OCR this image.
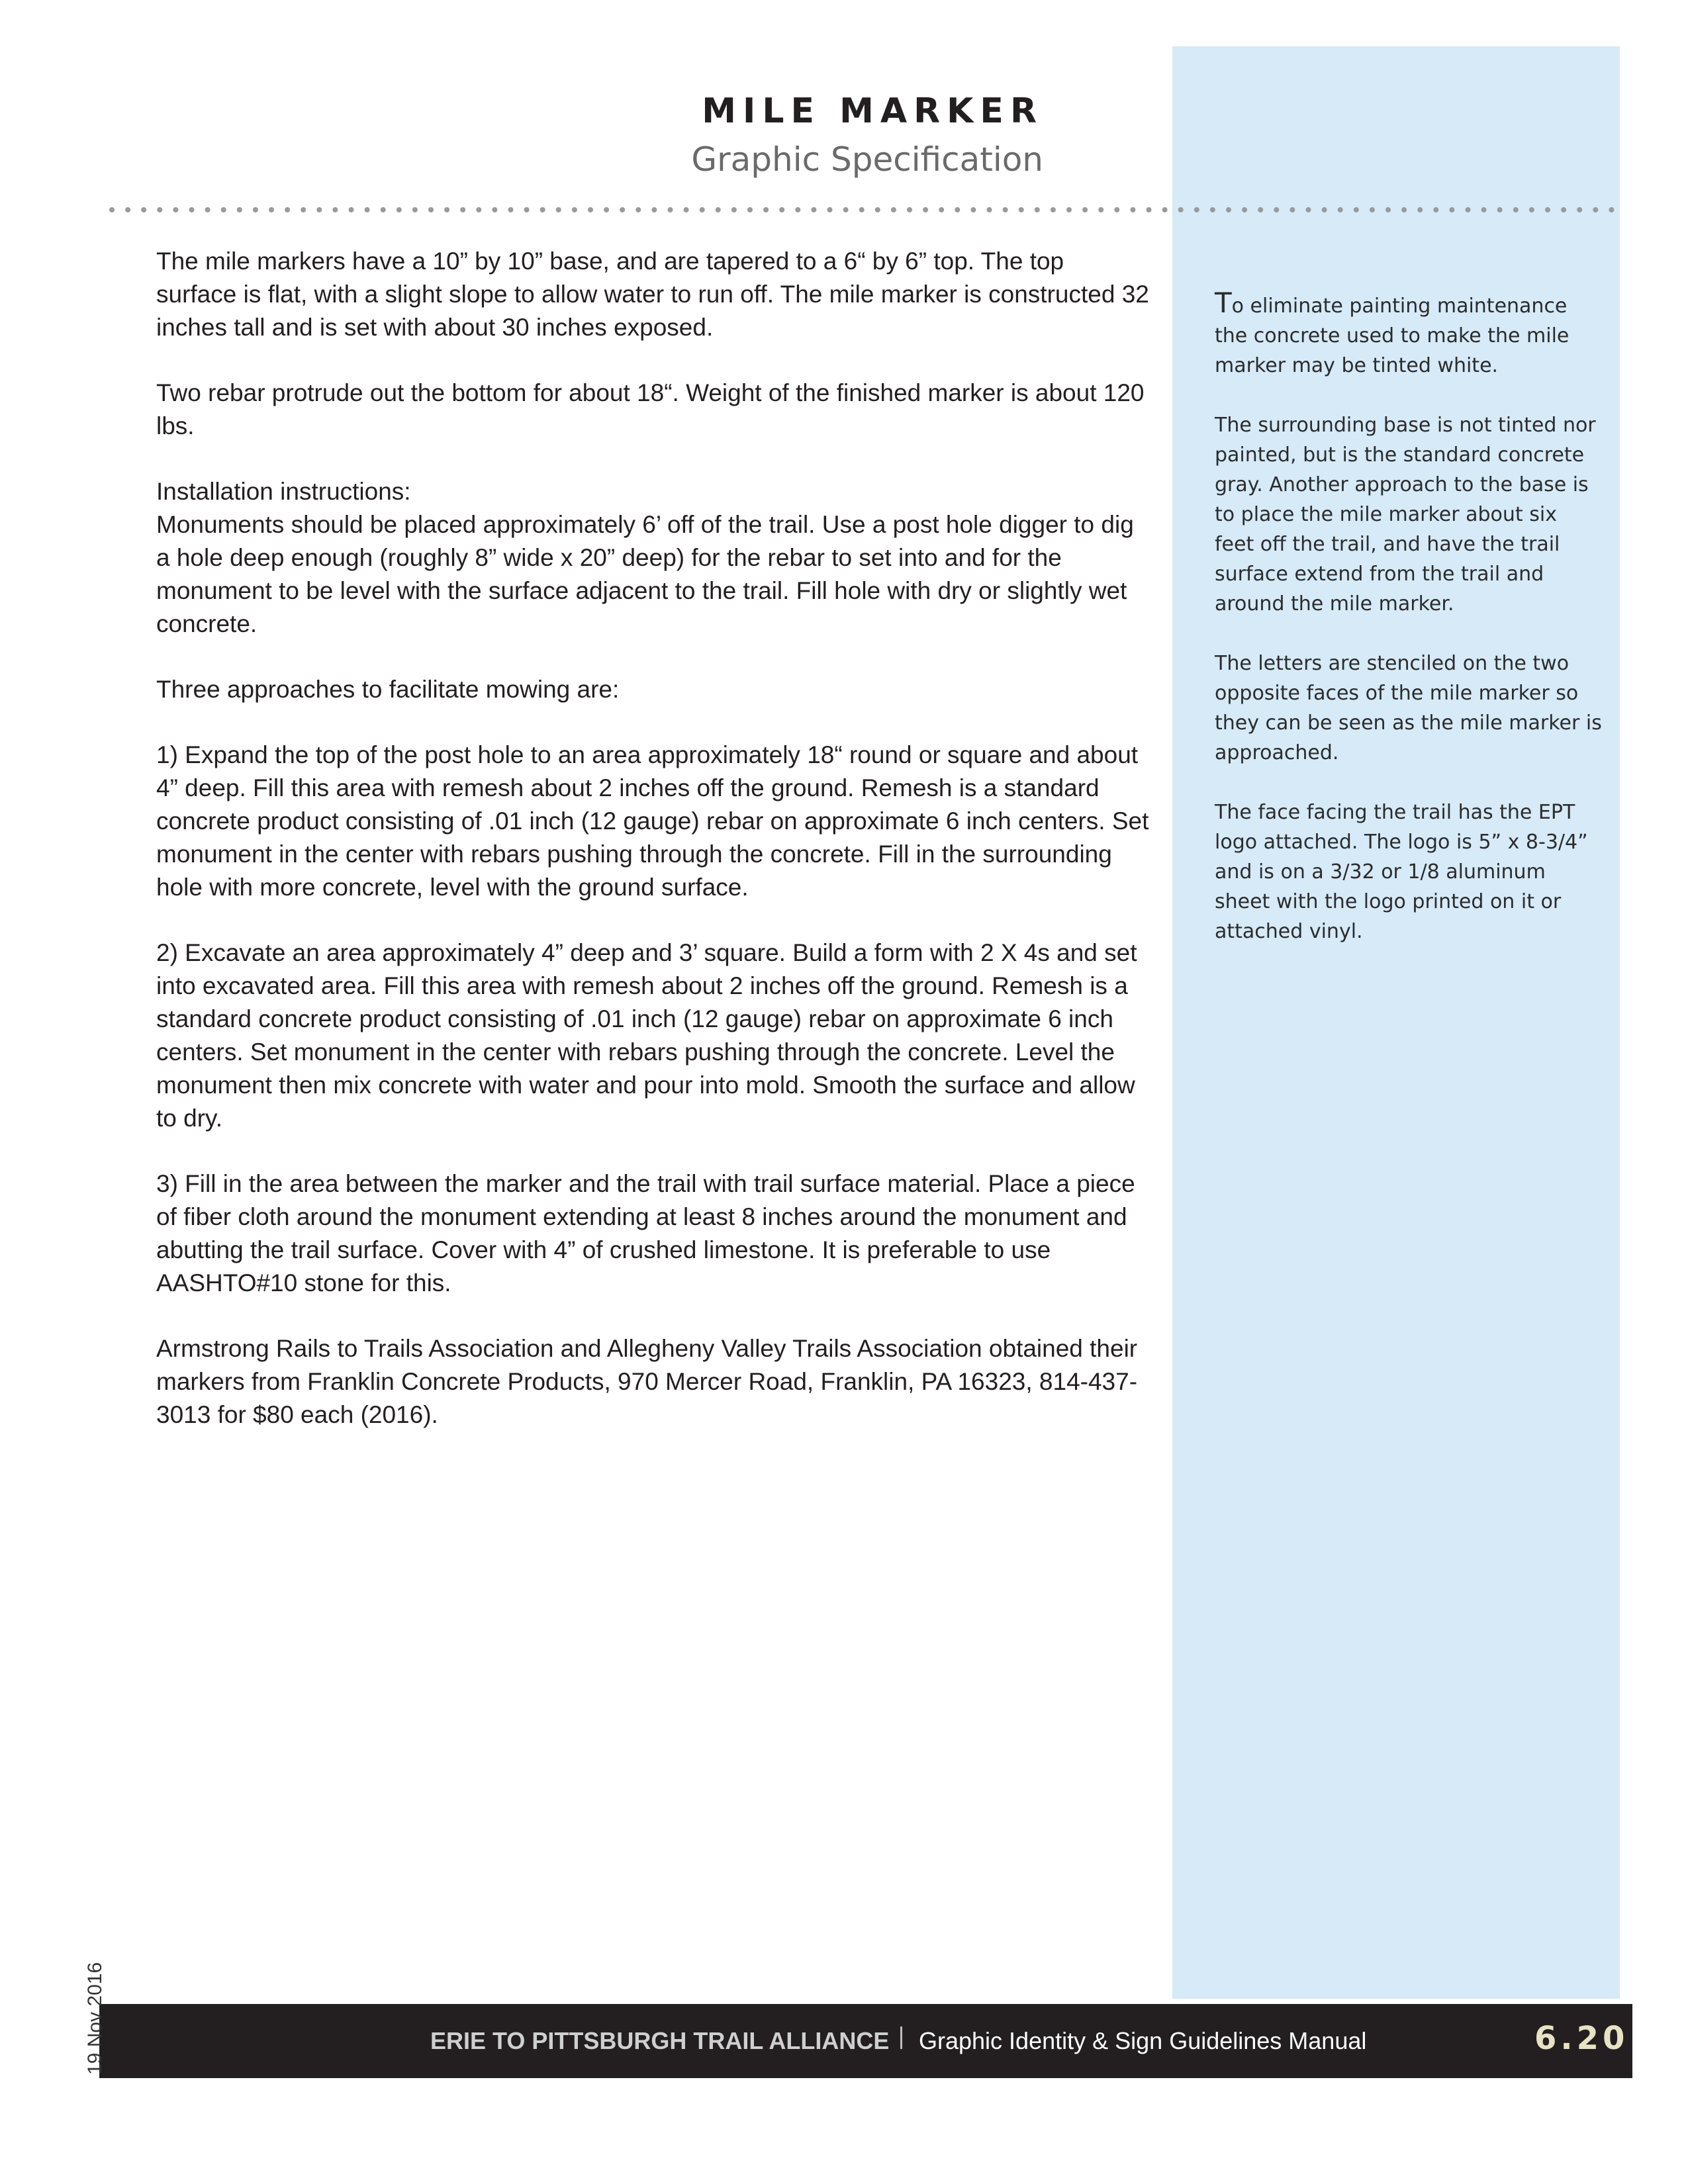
MILE MARKER
Graphic Specification

The mile markers have a 10” by 10” base, and are tapered to a 6“ by 6” top. The top surface is flat, with a slight slope to allow water to run off. The mile marker is constructed 32 inches tall and is set with about 30 inches exposed.

Two rebar protrude out the bottom for about 18“. Weight of the finished marker is about 120 lbs.

Installation instructions:

Monuments should be placed approximately 6’ off of the trail. Use a post hole digger to dig a hole deep enough (roughly 8” wide x 20” deep) for the rebar to set into and for the monument to be level with the surface adjacent to the trail. Fill hole with dry or slightly wet concrete.

Three approaches to facilitate mowing are:

1) Expand the top of the post hole to an area approximately 18“ round or square and about 4” deep. Fill this area with remesh about 2 inches off the ground. Remesh is a standard concrete product consisting of .01 inch (12 gauge) rebar on approximate 6 inch centers. Set monument in the center with rebars pushing through the concrete. Fill in the surrounding hole with more concrete, level with the ground surface.

2) Excavate an area approximately 4” deep and 3’ square. Build a form with 2 X 4s and set into excavated area. Fill this area with remesh about 2 inches off the ground. Remesh is a standard concrete product consisting of .01 inch (12 gauge) rebar on approximate 6 inch centers. Set monument in the center with rebars pushing through the concrete. Level the monument then mix concrete with water and pour into mold. Smooth the surface and allow to dry.

3) Fill in the area between the marker and the trail with trail surface material. Place a piece of fiber cloth around the monument extending at least 8 inches around the monument and abutting the trail surface. Cover with 4” of crushed limestone. It is preferable to use AASHTO#10 stone for this.

Armstrong Rails to Trails Association and Allegheny Valley Trails Association obtained their markers from Franklin Concrete Products, 970 Mercer Road, Franklin, PA 16323, 814-437-3013 for $80 each (2016).

To eliminate painting maintenance the concrete used to make the mile marker may be tinted white.

The surrounding base is not tinted nor painted, but is the standard concrete gray. Another approach to the base is to place the mile marker about six feet off the trail, and have the trail surface extend from the trail and around the mile marker.

The letters are stenciled on the two opposite faces of the mile marker so they can be seen as the mile marker is approached.

The face facing the trail has the EPT logo attached. The logo is 5” x 8-3/4” and is on a 3/32 or 1/8 aluminum sheet with the logo printed on it or attached vinyl.

ERIE TO PITTSBURGH TRAIL ALLIANCE Graphic Identity & Sign Guidelines Manual	6.20
19 Nov 2016
